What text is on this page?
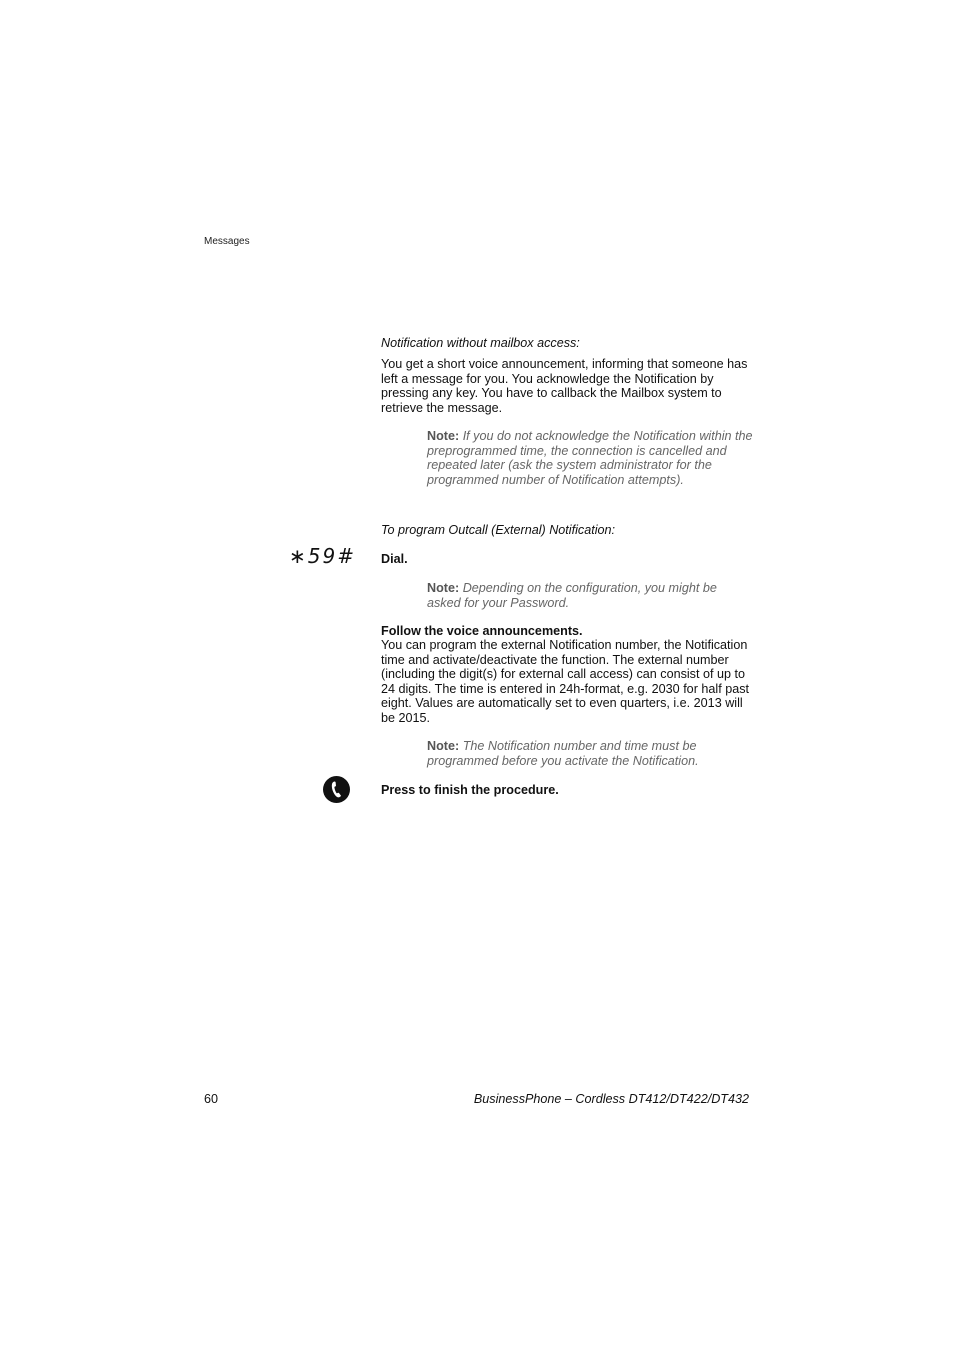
Messages

Notification without mailbox access:

You get a short voice announcement, informing that someone has left a message for you. You acknowledge the Notification by pressing any key. You have to callback the Mailbox system to retrieve the message.

Note: If you do not acknowledge the Notification within the preprogrammed time, the connection is cancelled and repeated later (ask the system administrator for the programmed number of Notification attempts).

To program Outcall (External) Notification:

∗59# Dial.

Note: Depending on the configuration, you might be asked for your Password.

Follow the voice announcements.

You can program the external Notification number, the Notification time and activate/deactivate the function. The external number (including the digit(s) for external call access) can consist of up to 24 digits. The time is entered in 24h-format, e.g. 2030 for half past eight. Values are automatically set to even quarters, i.e. 2013 will be 2015.

Note: The Notification number and time must be programmed before you activate the Notification.

Press to finish the procedure.

60	BusinessPhone – Cordless DT412/DT422/DT432
